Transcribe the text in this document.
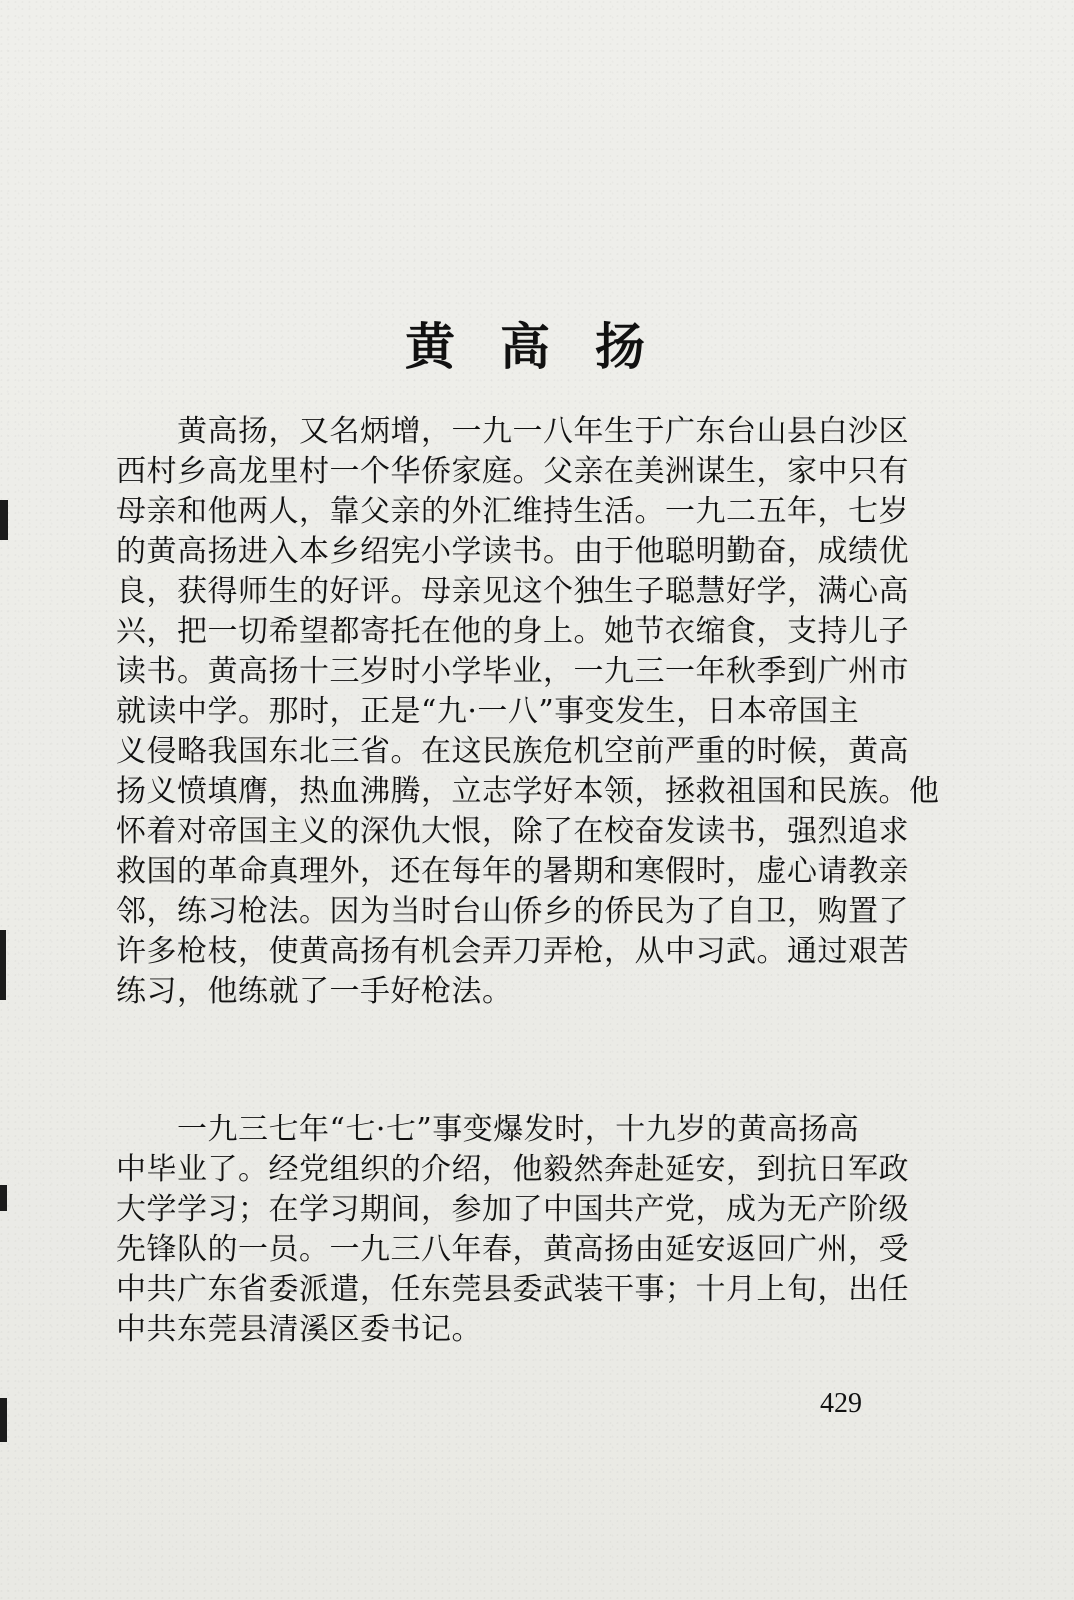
黄 高 扬
　　黄高扬，又名炳增，一九一八年生于广东台山县白沙区
西村乡高龙里村一个华侨家庭。父亲在美洲谋生，家中只有
母亲和他两人，靠父亲的外汇维持生活。一九二五年，七岁
的黄高扬进入本乡绍宪小学读书。由于他聪明勤奋，成绩优
良，获得师生的好评。母亲见这个独生子聪慧好学，满心高
兴，把一切希望都寄托在他的身上。她节衣缩食，支持儿子
读书。黄高扬十三岁时小学毕业，一九三一年秋季到广州市
就读中学。那时，正是“九·一八”事变发生，日本帝国主
义侵略我国东北三省。在这民族危机空前严重的时候，黄高
扬义愤填膺，热血沸腾，立志学好本领，拯救祖国和民族。他
怀着对帝国主义的深仇大恨，除了在校奋发读书，强烈追求
救国的革命真理外，还在每年的暑期和寒假时，虚心请教亲
邻，练习枪法。因为当时台山侨乡的侨民为了自卫，购置了
许多枪枝，使黄高扬有机会弄刀弄枪，从中习武。通过艰苦
练习，他练就了一手好枪法。
　　一九三七年“七·七”事变爆发时，十九岁的黄高扬高
中毕业了。经党组织的介绍，他毅然奔赴延安，到抗日军政
大学学习；在学习期间，参加了中国共产党，成为无产阶级
先锋队的一员。一九三八年春，黄高扬由延安返回广州，受
中共广东省委派遣，任东莞县委武装干事；十月上旬，出任
中共东莞县清溪区委书记。
429
